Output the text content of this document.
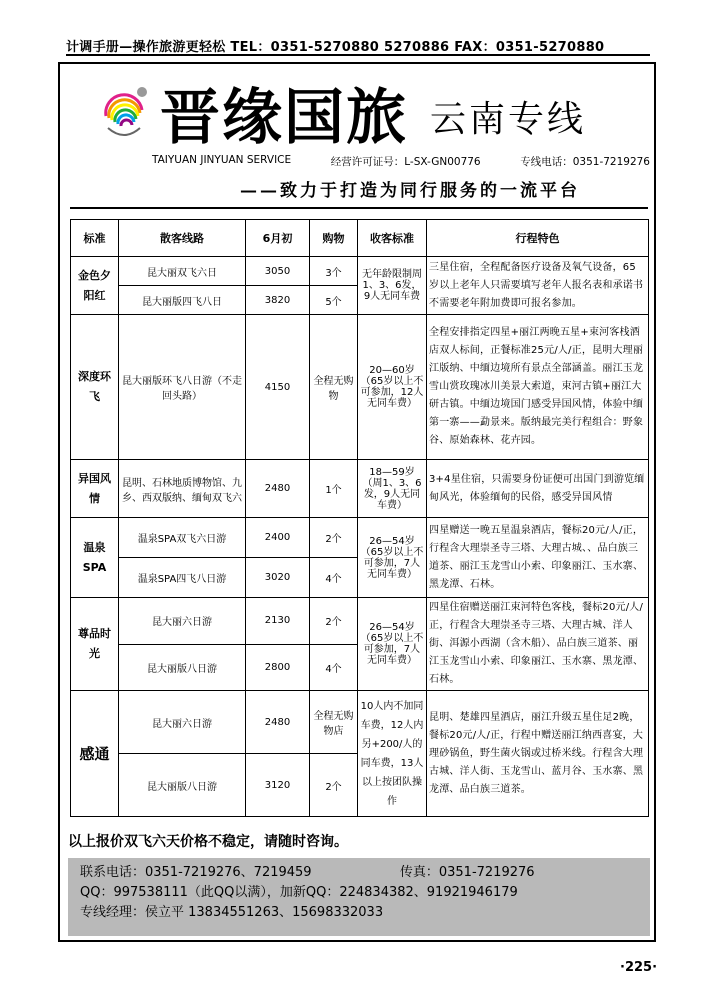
计调手册—操作旅游更轻松 TEL：0351-5270880 5270886 FAX：0351-5270880
晋缘国旅 云南专线
TAIYUAN JINYUAN SERVICE	经营许可证号：L-SX-GN00776	专线电话：0351-7219276
——致力于打造为同行服务的一流平台
标准	散客线路	6月初	购物	收客标准	行程特色
金色夕阳红	昆大丽双飞六日	3050	3个	无年龄限制周1、3、6发，9人无同车费	三星住宿，全程配备医疗设备及氧气设备，65岁以上老年人只需要填写老年人报名表和承诺书不需要老年附加费即可报名参加。
	昆大丽版四飞八日	3820	5个		
深度环飞	昆大丽版环飞八日游（不走回头路）	4150	全程无购物	20—60岁（65岁以上不可参加，12人无同车费）	全程安排指定四星+丽江两晚五星+束河客栈酒店双人标间，正餐标准25元/人/正，昆明大理丽江版纳、中缅边境所有景点全部涵盖。丽江玉龙雪山赏玫瑰冰川美景大索道，束河古镇+丽江大研古镇。中缅边境国门感受异国风情，体验中缅第一寨——勐景来。版纳最完美行程组合：野象谷、原始森林、花卉园。
异国风情	昆明、石林地质博物馆、九乡、西双版纳、缅甸双飞六	2480	1个	18—59岁（周1、3、6发，9人无同车费）	3+4星住宿，只需要身份证便可出国门到游览缅甸风光，体验缅甸的民俗，感受异国风情
温泉SPA	温泉SPA双飞六日游	2400	2个	26—54岁（65岁以上不可参加，7人无同车费）	四星赠送一晚五星温泉酒店，餐标20元/人/正，行程含大理崇圣寺三塔、大理古城、、品白族三道茶、丽江玉龙雪山小索、印象丽江、玉水寨、黑龙潭、石林。
	温泉SPA四飞八日游	3020	4个		
尊品时光	昆大丽六日游	2130	2个	26—54岁（65岁以上不可参加，7人无同车费）	四星住宿赠送丽江束河特色客栈，餐标20元/人/正，行程含大理崇圣寺三塔、大理古城、洋人街、洱源小西湖（含木船）、品白族三道茶、丽江玉龙雪山小索、印象丽江、玉水寨、黑龙潭、石林。
	昆大丽版八日游	2800	4个		
感通	昆大丽六日游	2480	全程无购物店	10人内不加同车费，12人内另+200/人的同车费，13人以上按团队操作	昆明、楚雄四星酒店，丽江升级五星住足2晚，餐标20元/人/正，行程中赠送丽江纳西喜宴，大理砂锅鱼，野生菌火锅或过桥米线。行程含大理古城、洋人街、玉龙雪山、蓝月谷、玉水寨、黑龙潭、品白族三道茶。
	昆大丽版八日游	3120	2个		
以上报价双飞六天价格不稳定，请随时咨询。
联系电话：0351-7219276、7219459	传真：0351-7219276
QQ：997538111（此QQ以满），加新QQ：224834382、91921946179
专线经理：侯立平 13834551263、15698332033
·225·
